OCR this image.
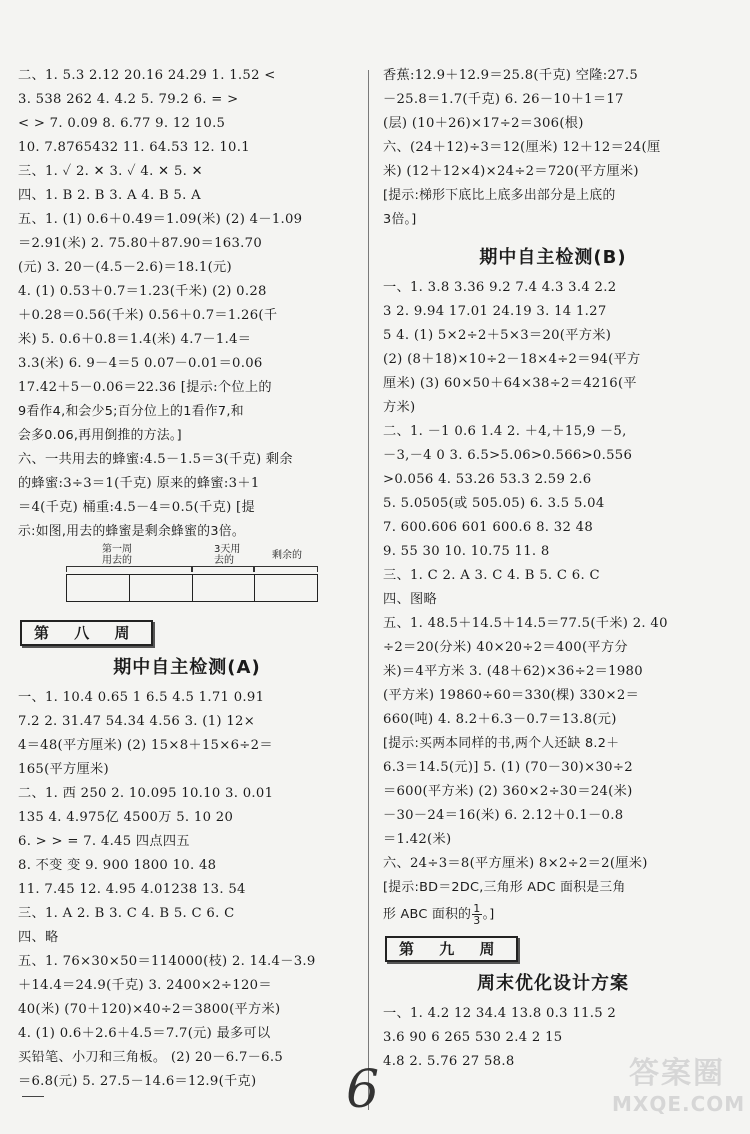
二、1. 5.3 2.12 20.16 24.29 1. 1.52 <
3. 538 262 4. 4.2 5. 79.2 6. = >
< > 7. 0.09 8. 6.77 9. 12 10.5
10. 7.8765432 11. 64.53 12. 10.1
三、1. ✓ 2. ✕ 3. ✓ 4. ✕ 5. ✕
四、1. B 2. B 3. A 4. B 5. A
五、1. (1) 0.6＋0.49＝1.09(米) (2) 4－1.09
＝2.91(米) 2. 75.80＋87.90＝163.70
(元) 3. 20－(4.5－2.6)＝18.1(元)
4. (1) 0.53＋0.7＝1.23(千米) (2) 0.28
＋0.28＝0.56(千米) 0.56＋0.7＝1.26(千
米) 5. 0.6＋0.8＝1.4(米) 4.7－1.4＝
3.3(米) 6. 9－4＝5 0.07－0.01＝0.06
17.42＋5－0.06＝22.36 [提示:个位上的
9看作4,和会少5;百分位上的1看作7,和
会多0.06,再用倒推的方法。]
六、一共用去的蜂蜜:4.5－1.5＝3(千克) 剩余
的蜂蜜:3÷3＝1(千克) 原来的蜂蜜:3＋1
＝4(千克) 桶重:4.5－4＝0.5(千克) [提
示:如图,用去的蜂蜜是剩余蜂蜜的3倍。
第一周
用去的
3天用
去的	剩余的
第 八 周
期中自主检测(A)
一、1. 10.4 0.65 1 6.5 4.5 1.71 0.91
7.2 2. 31.47 54.34 4.56 3. (1) 12×
4＝48(平方厘米) (2) 15×8＋15×6÷2＝
165(平方厘米)
二、1. 西 250 2. 10.095 10.10 3. 0.01
135 4. 4.975亿 4500万 5. 10 20
6. > > = 7. 4.45 四点四五
8. 不变 变 9. 900 1800 10. 48
11. 7.45 12. 4.95 4.01238 13. 54
三、1. A 2. B 3. C 4. B 5. C 6. C
四、略
五、1. 76×30×50＝114000(枝) 2. 14.4－3.9
＋14.4＝24.9(千克) 3. 2400×2÷120＝
40(米) (70＋120)×40÷2＝3800(平方米)
4. (1) 0.6＋2.6＋4.5＝7.7(元) 最多可以
买铅笔、小刀和三角板。 (2) 20－6.7－6.5
＝6.8(元) 5. 27.5－14.6＝12.9(千克)
香蕉:12.9＋12.9＝25.8(千克) 空隆:27.5
－25.8＝1.7(千克) 6. 26－10＋1＝17
(层) (10＋26)×17÷2＝306(根)
六、(24＋12)÷3＝12(厘米) 12＋12＝24(厘
米) (12＋12×4)×24÷2＝720(平方厘米)
[提示:梯形下底比上底多出部分是上底的
3倍。]
期中自主检测(B)
一、1. 3.8 3.36 9.2 7.4 4.3 3.4 2.2
3 2. 9.94 17.01 24.19 3. 14 1.27
5 4. (1) 5×2÷2＋5×3＝20(平方米)
(2) (8＋18)×10÷2－18×4÷2＝94(平方
厘米) (3) 60×50＋64×38÷2＝4216(平
方米)
二、1. －1 0.6 1.4 2. ＋4,＋15,9 －5,
－3,－4 0 3. 6.5>5.06>0.566>0.556
>0.056 4. 53.26 53.3 2.59 2.6
5. 5.0505(或 505.05) 6. 3.5 5.04
7. 600.606 601 600.6 8. 32 48
9. 55 30 10. 10.75 11. 8
三、1. C 2. A 3. C 4. B 5. C 6. C
四、图略
五、1. 48.5＋14.5＋14.5＝77.5(千米) 2. 40
÷2＝20(分米) 40×20÷2＝400(平方分
米)＝4平方米 3. (48＋62)×36÷2＝1980
(平方米) 19860÷60＝330(棵) 330×2＝
660(吨) 4. 8.2＋6.3－0.7＝13.8(元)
[提示:买两本同样的书,两个人还缺 8.2＋
6.3＝14.5(元)] 5. (1) (70－30)×30÷2
＝600(平方米) (2) 360×2÷30＝24(米)
－30－24＝16(米) 6. 2.12＋0.1－0.8
＝1.42(米)
六、24÷3＝8(平方厘米) 8×2÷2＝2(厘米)
[提示:BD＝2DC,三角形 ADC 面积是三角
形 ABC 面积的 $\frac{1}{3}$ 。]
第 九 周
周末优化设计方案
一、1. 4.2 12 34.4 13.8 0.3 11.5 2
3.6 90 6 265 530 2.4 2 15
4.8 2. 5.76 27 58.8
6	答案圈
MXQE.COM
